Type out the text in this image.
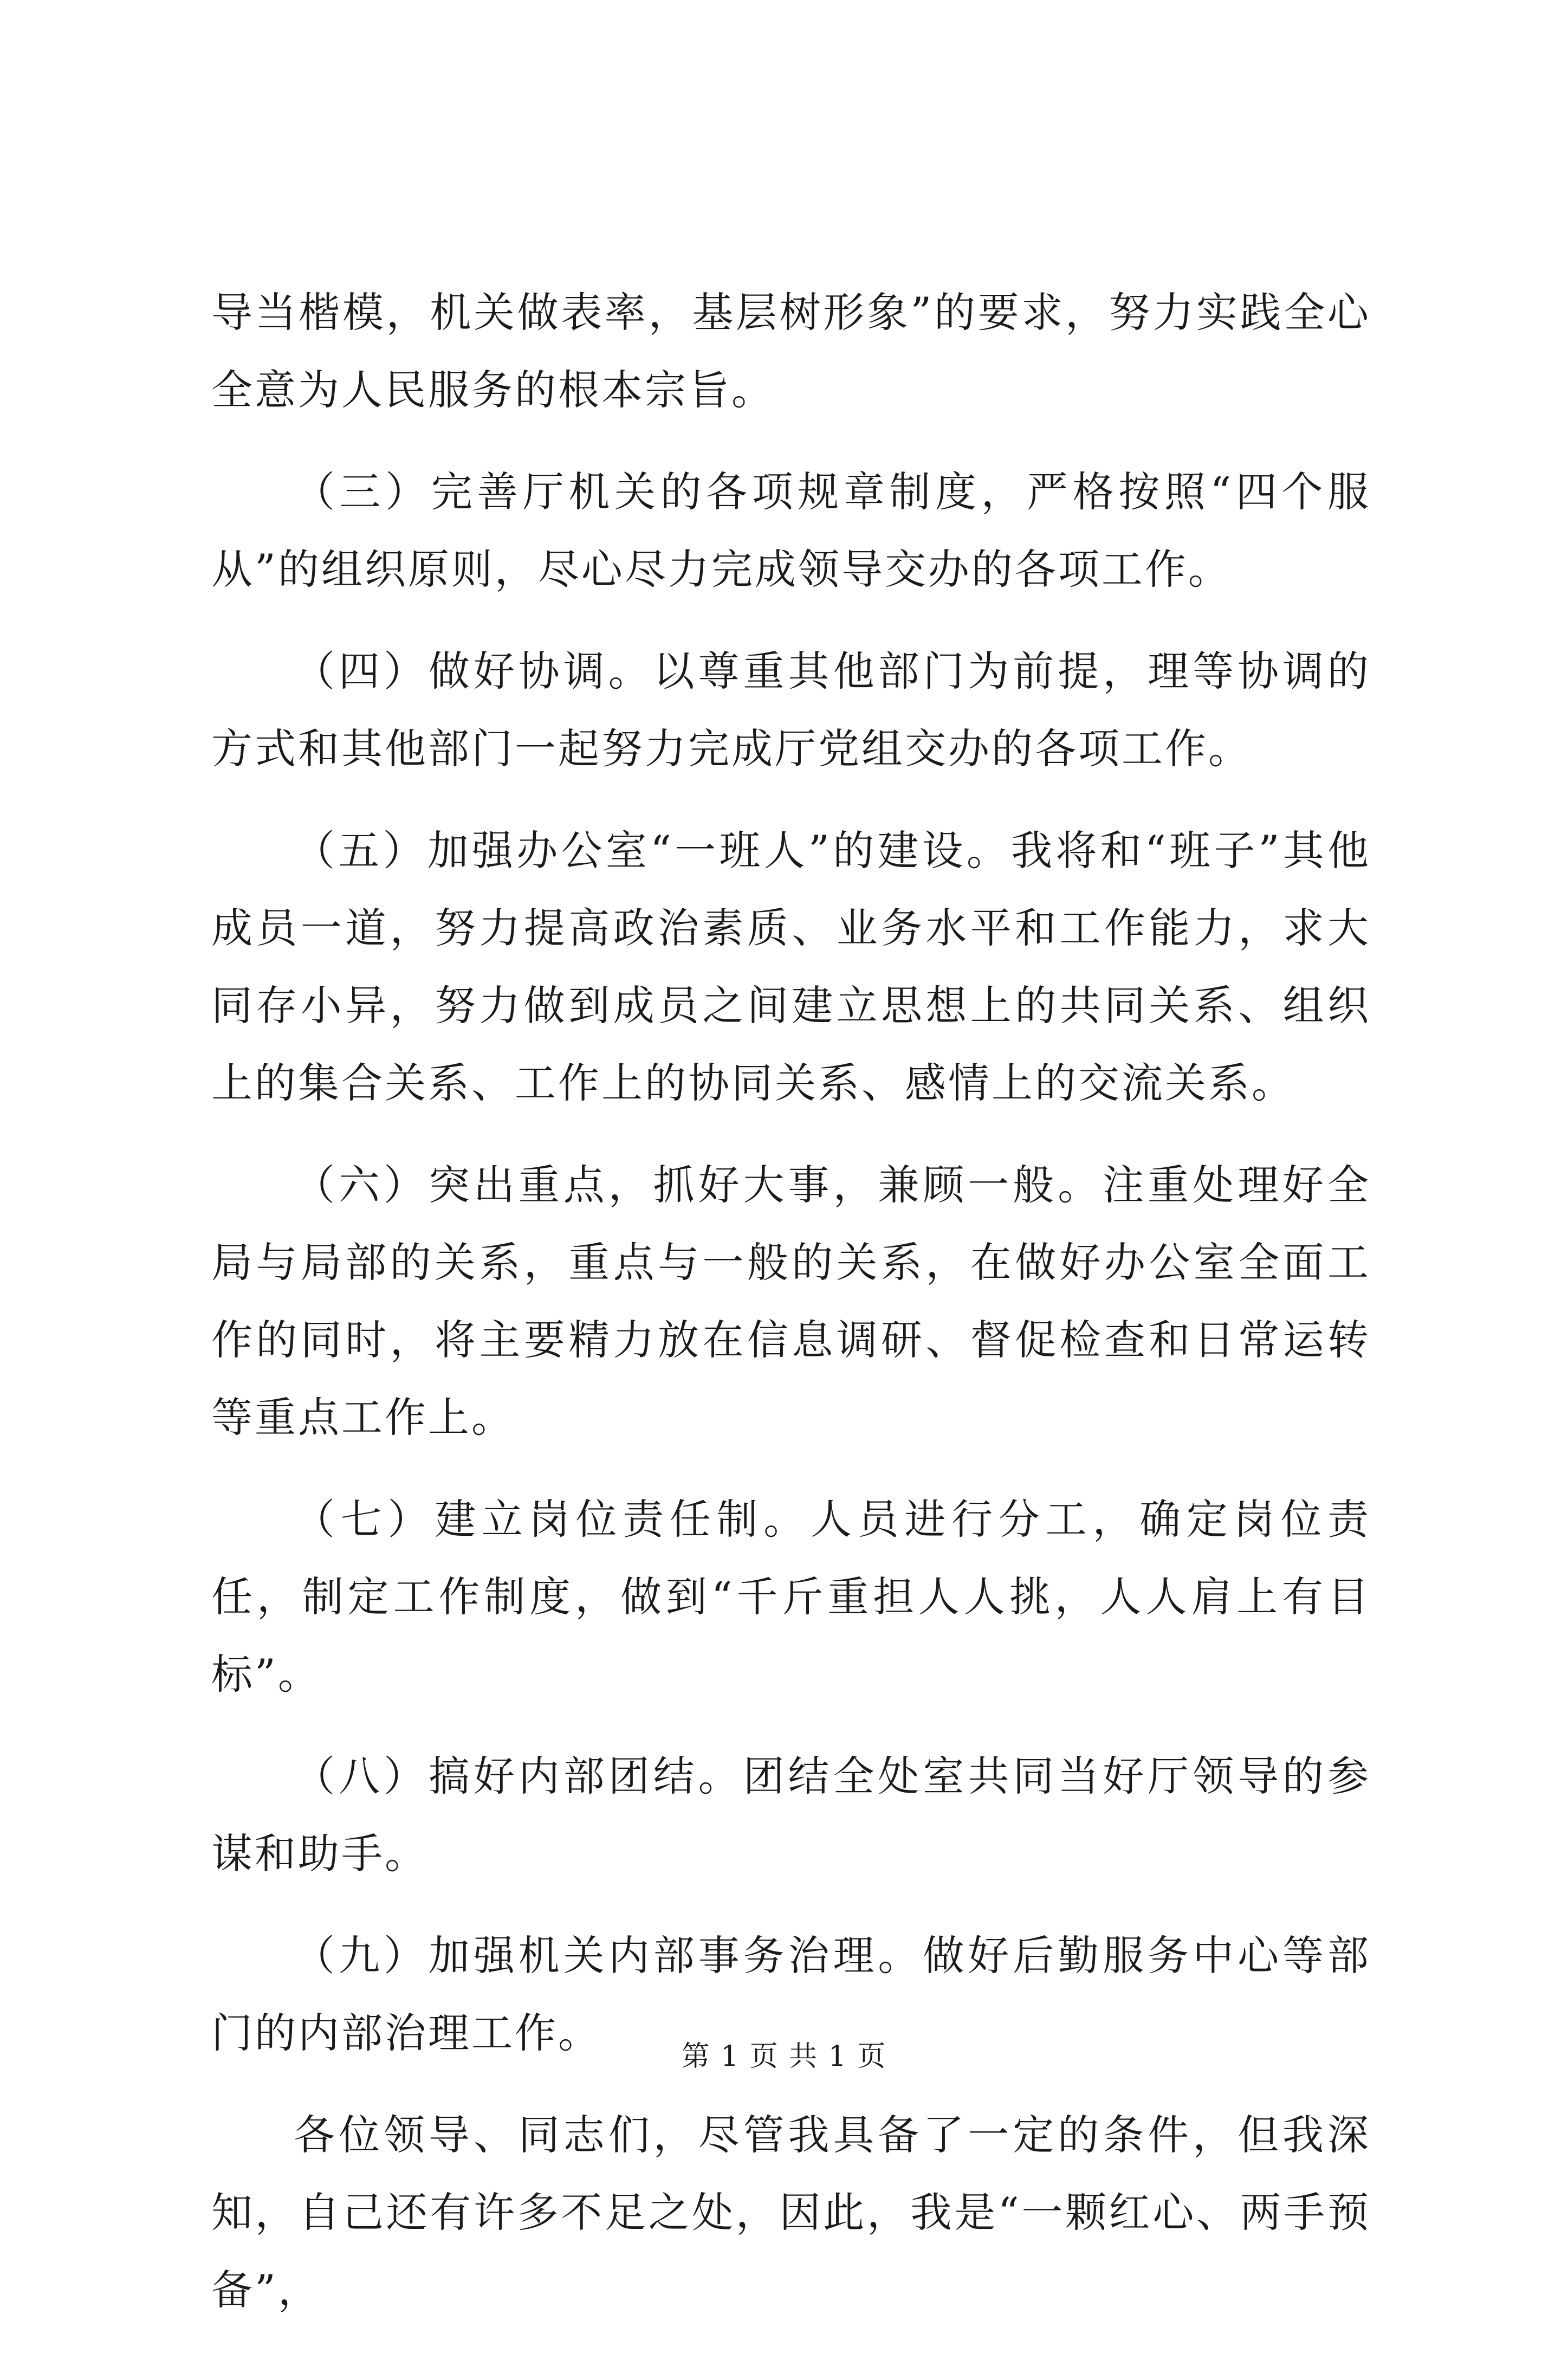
导当楷模，机关做表率，基层树形象”的要求，努力实践全心全意为人民服务的根本宗旨。

（三）完善厅机关的各项规章制度，严格按照“四个服从”的组织原则，尽心尽力完成领导交办的各项工作。

（四）做好协调。以尊重其他部门为前提，理等协调的方式和其他部门一起努力完成厅党组交办的各项工作。

（五）加强办公室“一班人”的建设。我将和“班子”其他成员一道，努力提高政治素质、业务水平和工作能力，求大同存小异，努力做到成员之间建立思想上的共同关系、组织上的集合关系、工作上的协同关系、感情上的交流关系。

（六）突出重点，抓好大事，兼顾一般。注重处理好全局与局部的关系，重点与一般的关系，在做好办公室全面工作的同时，将主要精力放在信息调研、督促检查和日常运转等重点工作上。

（七）建立岗位责任制。人员进行分工，确定岗位责任，制定工作制度，做到“千斤重担人人挑，人人肩上有目标”。

（八）搞好内部团结。团结全处室共同当好厅领导的参谋和助手。

（九）加强机关内部事务治理。做好后勤服务中心等部门的内部治理工作。

各位领导、同志们，尽管我具备了一定的条件，但我深知，自己还有许多不足之处，因此，我是“一颗红心、两手预备”，

第 1 页 共 1 页
